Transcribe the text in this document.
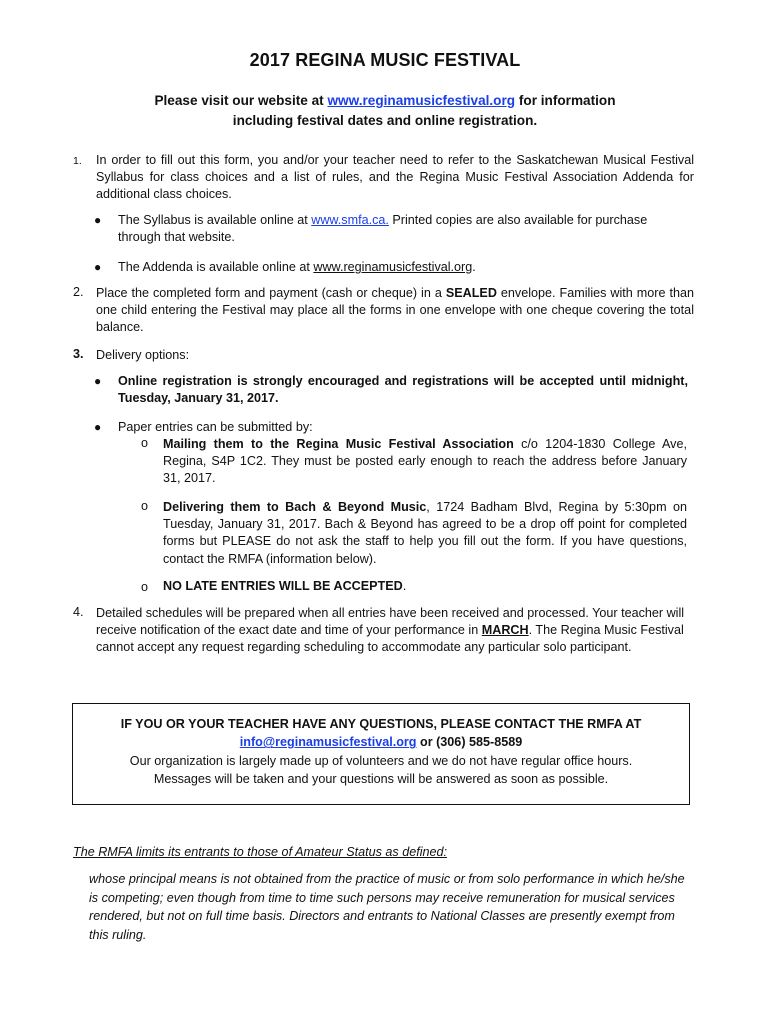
2017 REGINA MUSIC FESTIVAL
Please visit our website at www.reginamusicfestival.org for information
including festival dates and online registration.
1. In order to fill out this form, you and/or your teacher need to refer to the Saskatchewan Musical Festival Syllabus for class choices and a list of rules, and the Regina Music Festival Association Addenda for additional class choices.
● The Syllabus is available online at www.smfa.ca. Printed copies are also available for purchase through that website.
● The Addenda is available online at www.reginamusicfestival.org.
2. Place the completed form and payment (cash or cheque) in a SEALED envelope. Families with more than one child entering the Festival may place all the forms in one envelope with one cheque covering the total balance.
3. Delivery options:
● Online registration is strongly encouraged and registrations will be accepted until midnight, Tuesday, January 31, 2017.
● Paper entries can be submitted by:
o Mailing them to the Regina Music Festival Association c/o 1204-1830 College Ave, Regina, S4P 1C2. They must be posted early enough to reach the address before January 31, 2017.
o Delivering them to Bach & Beyond Music, 1724 Badham Blvd, Regina by 5:30pm on Tuesday, January 31, 2017. Bach & Beyond has agreed to be a drop off point for completed forms but PLEASE do not ask the staff to help you fill out the form. If you have questions, contact the RMFA (information below).
o NO LATE ENTRIES WILL BE ACCEPTED.
4. Detailed schedules will be prepared when all entries have been received and processed. Your teacher will receive notification of the exact date and time of your performance in MARCH. The Regina Music Festival cannot accept any request regarding scheduling to accommodate any particular solo participant.
IF YOU OR YOUR TEACHER HAVE ANY QUESTIONS, PLEASE CONTACT THE RMFA AT
info@reginamusicfestival.org or (306) 585-8589
Our organization is largely made up of volunteers and we do not have regular office hours.
Messages will be taken and your questions will be answered as soon as possible.
The RMFA limits its entrants to those of Amateur Status as defined:
whose principal means is not obtained from the practice of music or from solo performance in which he/she is competing; even though from time to time such persons may receive remuneration for musical services rendered, but not on full time basis. Directors and entrants to National Classes are presently exempt from this ruling.
